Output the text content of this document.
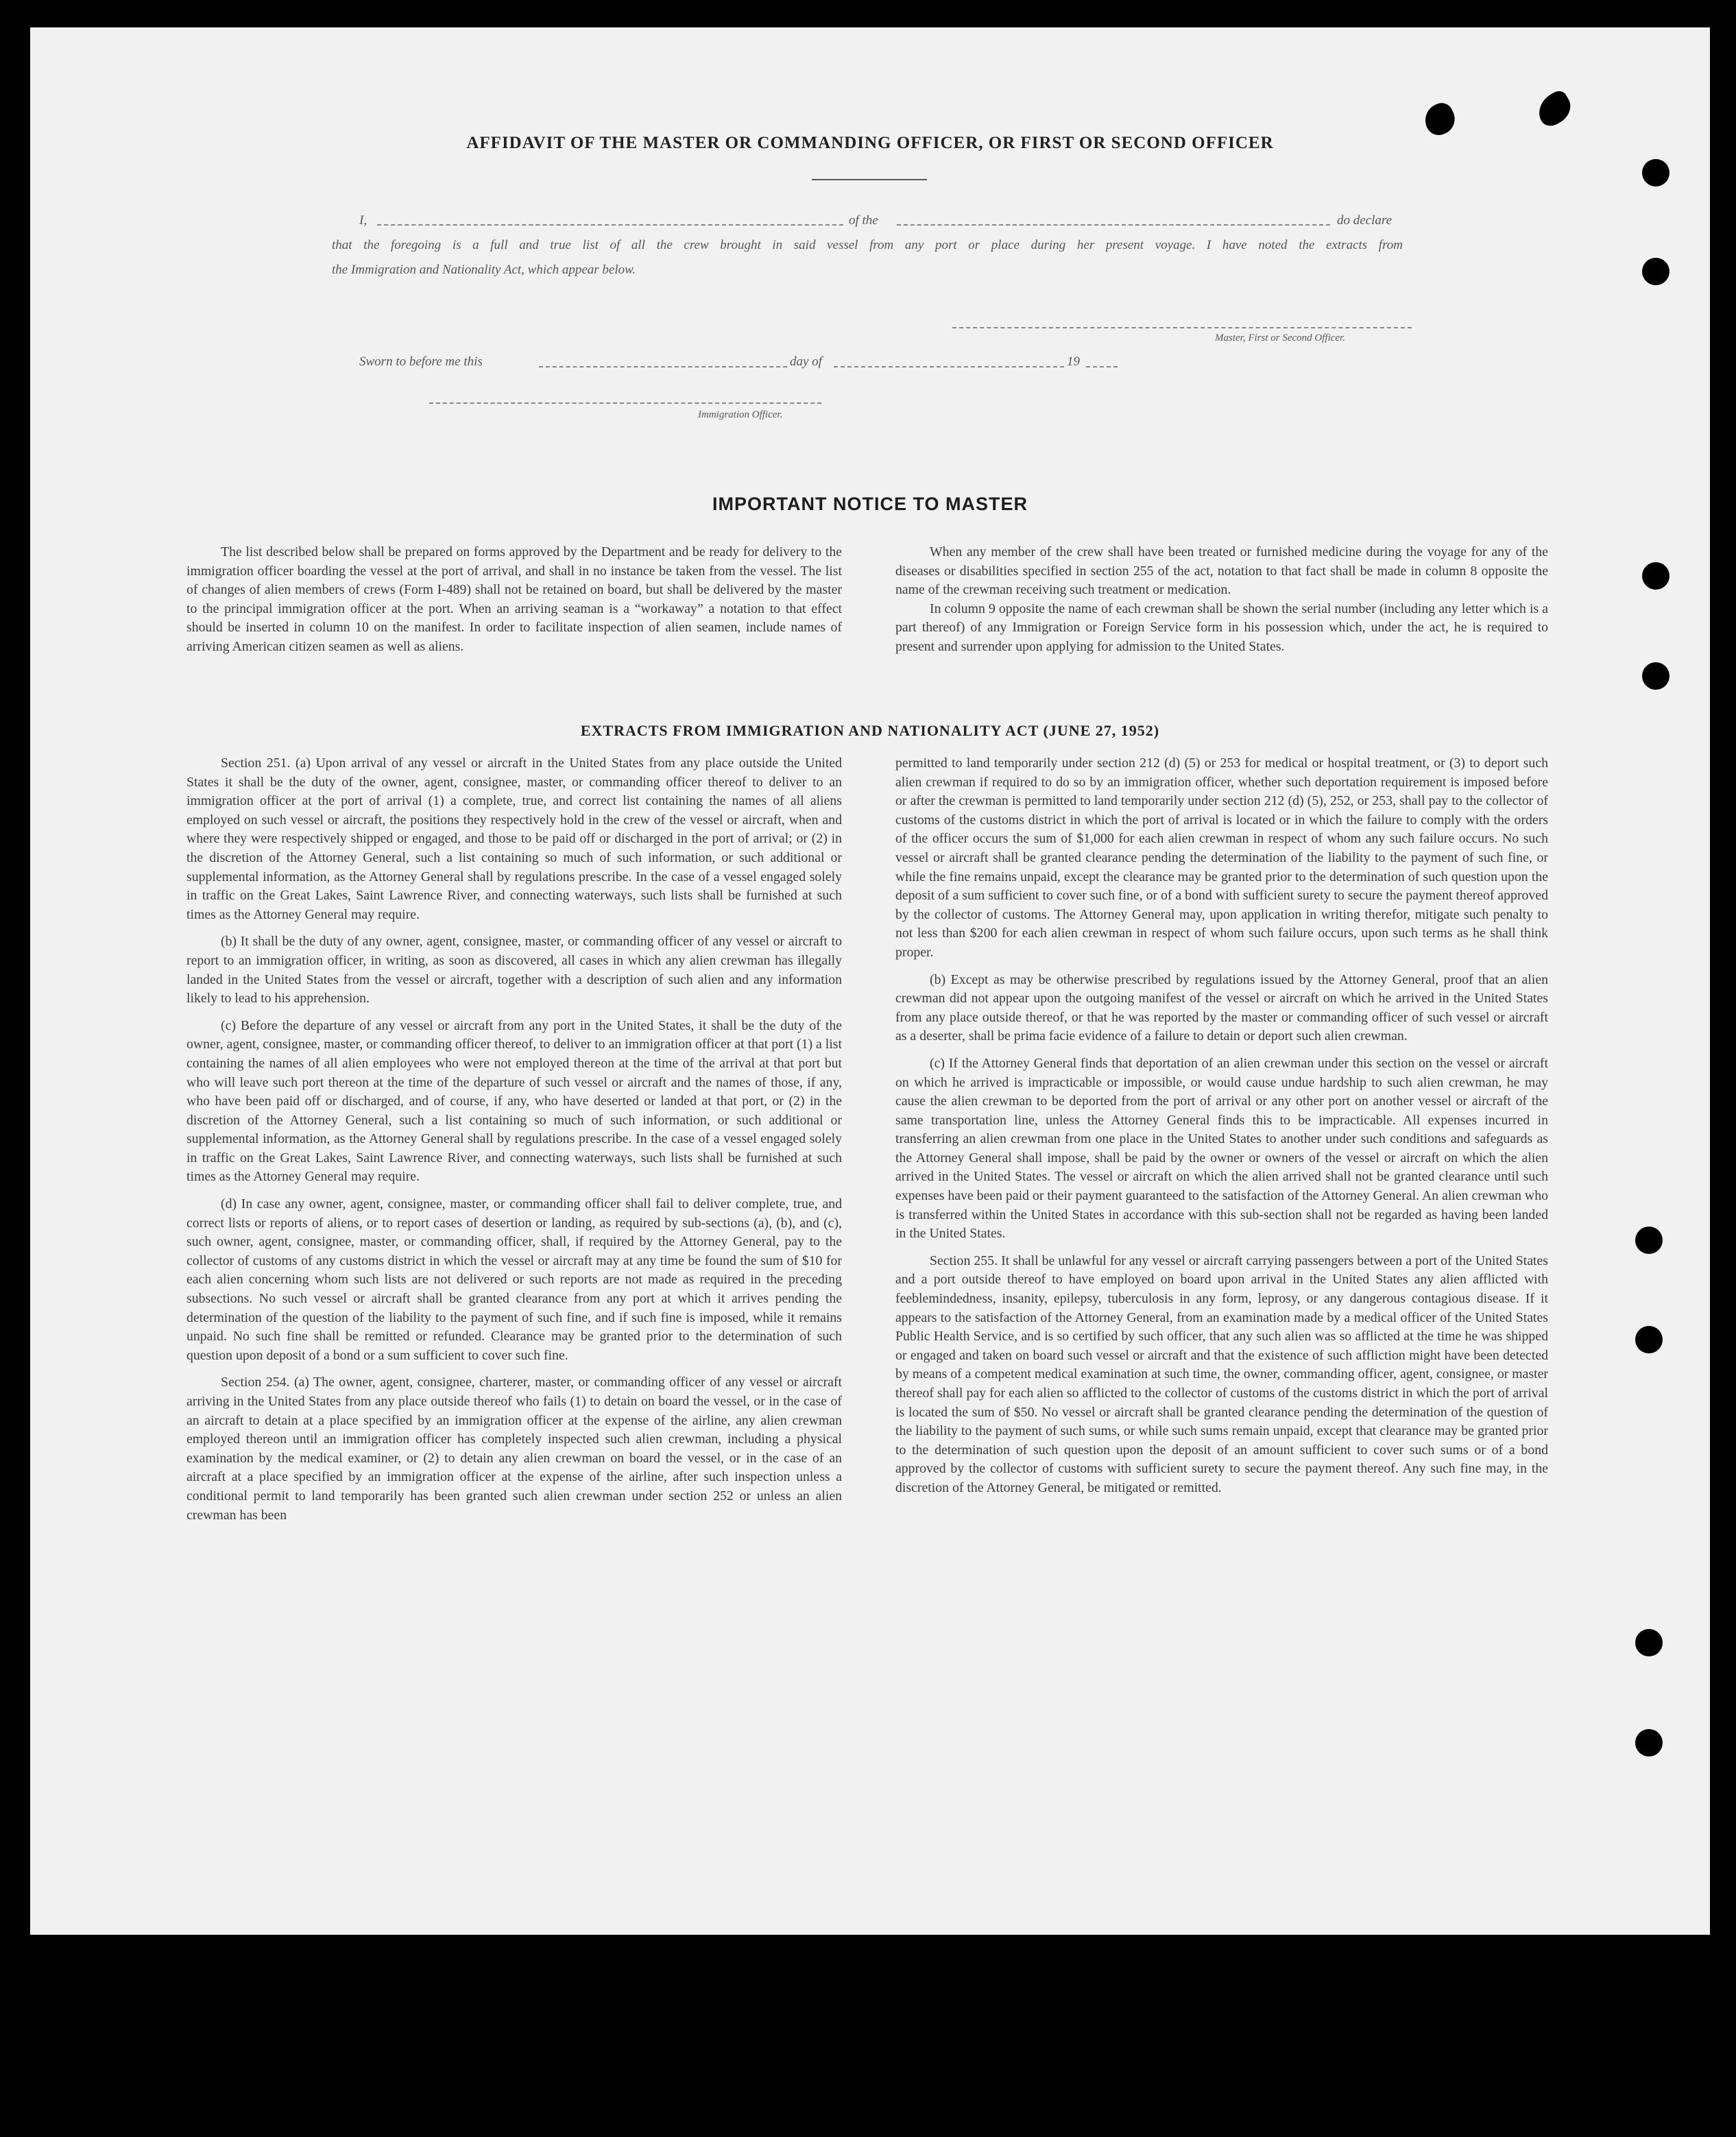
AFFIDAVIT OF THE MASTER OR COMMANDING OFFICER, OR FIRST OR SECOND OFFICER
I,	of the	do declare
that the foregoing is a full and true list of all the crew brought in said vessel from any port or place during her present voyage. I have noted the extracts from
the Immigration and Nationality Act, which appear below.
Master, First or Second Officer.
Sworn to before me this	day of	19
Immigration Officer.
IMPORTANT NOTICE TO MASTER

The list described below shall be prepared on forms approved by the Department and be ready for delivery to the immigration officer boarding the vessel at the port of arrival, and shall in no instance be taken from the vessel. The list of changes of alien members of crews (Form I-489) shall not be retained on board, but shall be delivered by the master to the principal immigration officer at the port. When an arriving seaman is a “workaway” a notation to that effect should be inserted in column 10 on the manifest. In order to facilitate inspection of alien seamen, include names of arriving American citizen seamen as well as aliens.

When any member of the crew shall have been treated or furnished medicine during the voyage for any of the diseases or disabilities specified in section 255 of the act, notation to that fact shall be made in column 8 opposite the name of the crewman receiving such treatment or medication.

In column 9 opposite the name of each crewman shall be shown the serial number (including any letter which is a part thereof) of any Immigration or Foreign Service form in his possession which, under the act, he is required to present and surrender upon applying for admission to the United States.

EXTRACTS FROM IMMIGRATION AND NATIONALITY ACT (JUNE 27, 1952)

Section 251. (a) Upon arrival of any vessel or aircraft in the United States from any place outside the United States it shall be the duty of the owner, agent, consignee, master, or commanding officer thereof to deliver to an immigration officer at the port of arrival (1) a complete, true, and correct list containing the names of all aliens employed on such vessel or aircraft, the positions they respectively hold in the crew of the vessel or aircraft, when and where they were respectively shipped or engaged, and those to be paid off or discharged in the port of arrival; or (2) in the discretion of the Attorney General, such a list containing so much of such information, or such additional or supplemental information, as the Attorney General shall by regulations prescribe. In the case of a vessel engaged solely in traffic on the Great Lakes, Saint Lawrence River, and connecting waterways, such lists shall be furnished at such times as the Attorney General may require.

(b) It shall be the duty of any owner, agent, consignee, master, or commanding officer of any vessel or aircraft to report to an immigration officer, in writing, as soon as discovered, all cases in which any alien crewman has illegally landed in the United States from the vessel or aircraft, together with a description of such alien and any information likely to lead to his apprehension.

(c) Before the departure of any vessel or aircraft from any port in the United States, it shall be the duty of the owner, agent, consignee, master, or commanding officer thereof, to deliver to an immigration officer at that port (1) a list containing the names of all alien employees who were not employed thereon at the time of the arrival at that port but who will leave such port thereon at the time of the departure of such vessel or aircraft and the names of those, if any, who have been paid off or discharged, and of course, if any, who have deserted or landed at that port, or (2) in the discretion of the Attorney General, such a list containing so much of such information, or such additional or supplemental information, as the Attorney General shall by regulations prescribe. In the case of a vessel engaged solely in traffic on the Great Lakes, Saint Lawrence River, and connecting waterways, such lists shall be furnished at such times as the Attorney General may require.

(d) In case any owner, agent, consignee, master, or commanding officer shall fail to deliver complete, true, and correct lists or reports of aliens, or to report cases of desertion or landing, as required by sub-sections (a), (b), and (c), such owner, agent, consignee, master, or commanding officer, shall, if required by the Attorney General, pay to the collector of customs of any customs district in which the vessel or aircraft may at any time be found the sum of $10 for each alien concerning whom such lists are not delivered or such reports are not made as required in the preceding subsections. No such vessel or aircraft shall be granted clearance from any port at which it arrives pending the determination of the question of the liability to the payment of such fine, and if such fine is imposed, while it remains unpaid. No such fine shall be remitted or refunded. Clearance may be granted prior to the determination of such question upon deposit of a bond or a sum sufficient to cover such fine.

Section 254. (a) The owner, agent, consignee, charterer, master, or commanding officer of any vessel or aircraft arriving in the United States from any place outside thereof who fails (1) to detain on board the vessel, or in the case of an aircraft to detain at a place specified by an immigration officer at the expense of the airline, any alien crewman employed thereon until an immigration officer has completely inspected such alien crewman, including a physical examination by the medical examiner, or (2) to detain any alien crewman on board the vessel, or in the case of an aircraft at a place specified by an immigration officer at the expense of the airline, after such inspection unless a conditional permit to land temporarily has been granted such alien crewman under section 252 or unless an alien crewman has been

permitted to land temporarily under section 212 (d) (5) or 253 for medical or hospital treatment, or (3) to deport such alien crewman if required to do so by an immigration officer, whether such deportation requirement is imposed before or after the crewman is permitted to land temporarily under section 212 (d) (5), 252, or 253, shall pay to the collector of customs of the customs district in which the port of arrival is located or in which the failure to comply with the orders of the officer occurs the sum of $1,000 for each alien crewman in respect of whom any such failure occurs. No such vessel or aircraft shall be granted clearance pending the determination of the liability to the payment of such fine, or while the fine remains unpaid, except the clearance may be granted prior to the determination of such question upon the deposit of a sum sufficient to cover such fine, or of a bond with sufficient surety to secure the payment thereof approved by the collector of customs. The Attorney General may, upon application in writing therefor, mitigate such penalty to not less than $200 for each alien crewman in respect of whom such failure occurs, upon such terms as he shall think proper.

(b) Except as may be otherwise prescribed by regulations issued by the Attorney General, proof that an alien crewman did not appear upon the outgoing manifest of the vessel or aircraft on which he arrived in the United States from any place outside thereof, or that he was reported by the master or commanding officer of such vessel or aircraft as a deserter, shall be prima facie evidence of a failure to detain or deport such alien crewman.

(c) If the Attorney General finds that deportation of an alien crewman under this section on the vessel or aircraft on which he arrived is impracticable or impossible, or would cause undue hardship to such alien crewman, he may cause the alien crewman to be deported from the port of arrival or any other port on another vessel or aircraft of the same transportation line, unless the Attorney General finds this to be impracticable. All expenses incurred in transferring an alien crewman from one place in the United States to another under such conditions and safeguards as the Attorney General shall impose, shall be paid by the owner or owners of the vessel or aircraft on which the alien arrived in the United States. The vessel or aircraft on which the alien arrived shall not be granted clearance until such expenses have been paid or their payment guaranteed to the satisfaction of the Attorney General. An alien crewman who is transferred within the United States in accordance with this sub-section shall not be regarded as having been landed in the United States.

Section 255. It shall be unlawful for any vessel or aircraft carrying passengers between a port of the United States and a port outside thereof to have employed on board upon arrival in the United States any alien afflicted with feeblemindedness, insanity, epilepsy, tuberculosis in any form, leprosy, or any dangerous contagious disease. If it appears to the satisfaction of the Attorney General, from an examination made by a medical officer of the United States Public Health Service, and is so certified by such officer, that any such alien was so afflicted at the time he was shipped or engaged and taken on board such vessel or aircraft and that the existence of such affliction might have been detected by means of a competent medical examination at such time, the owner, commanding officer, agent, consignee, or master thereof shall pay for each alien so afflicted to the collector of customs of the customs district in which the port of arrival is located the sum of $50. No vessel or aircraft shall be granted clearance pending the determination of the question of the liability to the payment of such sums, or while such sums remain unpaid, except that clearance may be granted prior to the determination of such question upon the deposit of an amount sufficient to cover such sums or of a bond approved by the collector of customs with sufficient surety to secure the payment thereof. Any such fine may, in the discretion of the Attorney General, be mitigated or remitted.
